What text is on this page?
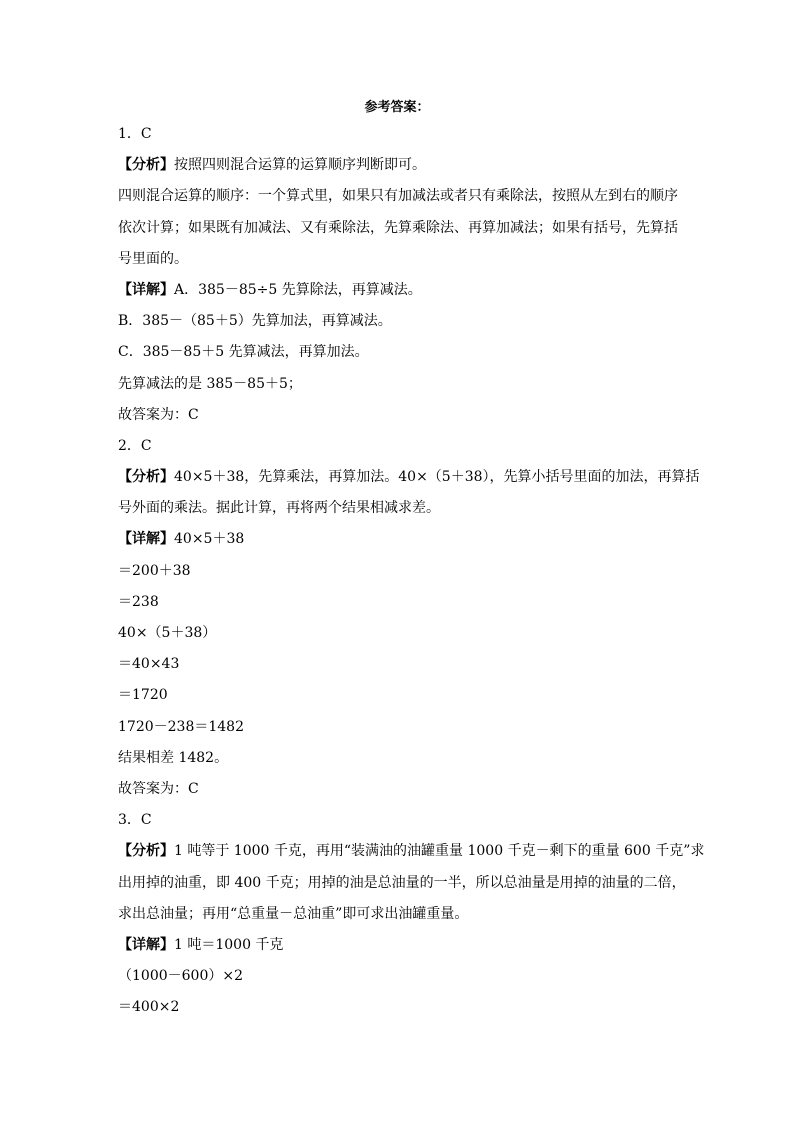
参考答案：
1．C
【分析】按照四则混合运算的运算顺序判断即可。
四则混合运算的顺序：一个算式里，如果只有加减法或者只有乘除法，按照从左到右的顺序
依次计算；如果既有加减法、又有乘除法，先算乘除法、再算加减法；如果有括号，先算括
号里面的。
【详解】A．385－85÷5 先算除法，再算减法。
B．385－（85＋5）先算加法，再算减法。
C．385－85＋5 先算减法，再算加法。
先算减法的是 385－85＋5；
故答案为：C
2．C
【分析】40×5＋38，先算乘法，再算加法。40×（5＋38），先算小括号里面的加法，再算括
号外面的乘法。据此计算，再将两个结果相减求差。
【详解】40×5＋38
＝200＋38
＝238
40×（5＋38）
＝40×43
＝1720
1720－238＝1482
结果相差 1482。
故答案为：C
3．C
【分析】1 吨等于 1000 千克，再用“装满油的油罐重量 1000 千克－剩下的重量 600 千克”求
出用掉的油重，即 400 千克；用掉的油是总油量的一半，所以总油量是用掉的油量的二倍，
求出总油量；再用“总重量－总油重”即可求出油罐重量。
【详解】1 吨＝1000 千克
（1000－600）×2
＝400×2
